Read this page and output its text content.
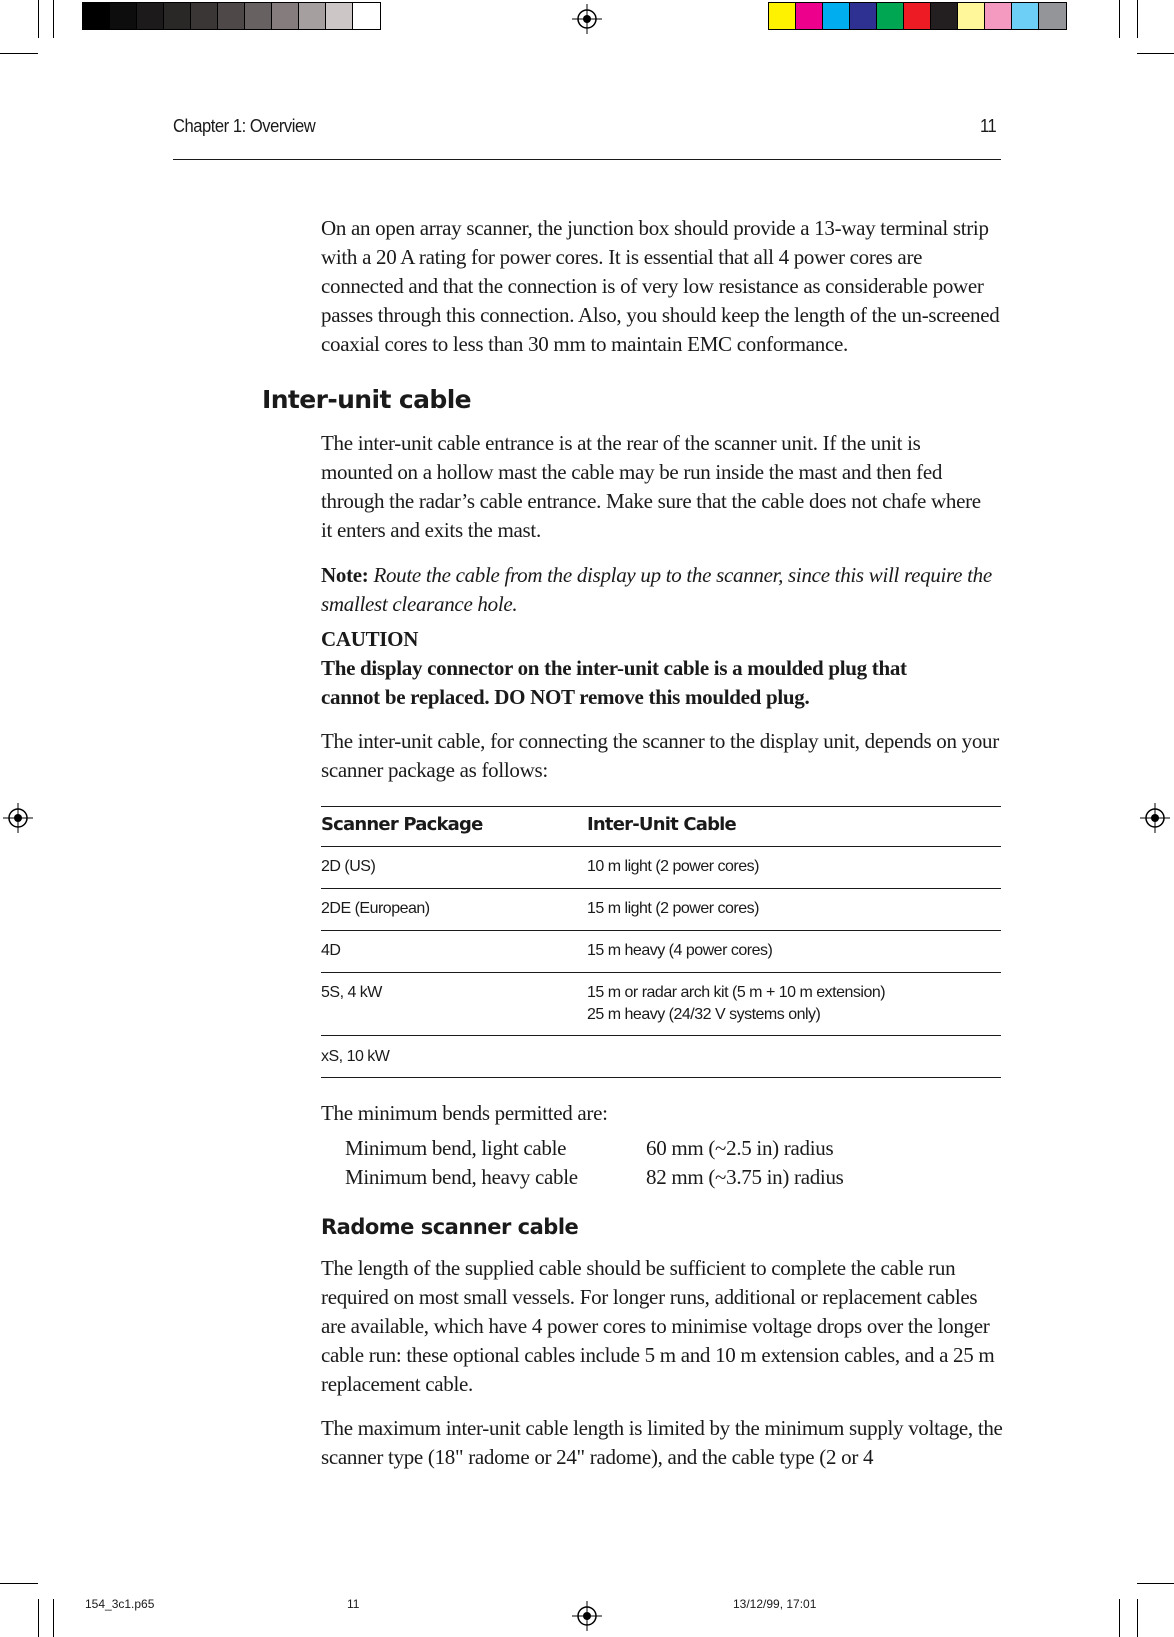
Chapter 1: Overview	11
On an open array scanner, the junction box should provide a 13-way terminal strip with a 20 A rating for power cores. It is essential that all 4 power cores are connected and that the connection is of very low resistance as considerable power passes through this connection. Also, you should keep the length of the un-screened coaxial cores to less than 30 mm to maintain EMC conformance.
Inter-unit cable
The inter-unit cable entrance is at the rear of the scanner unit. If the unit is mounted on a hollow mast the cable may be run inside the mast and then fed through the radar’s cable entrance. Make sure that the cable does not chafe where it enters and exits the mast.
Note: Route the cable from the display up to the scanner, since this will require the smallest clearance hole.
CAUTION
The display connector on the inter-unit cable is a moulded plug that cannot be replaced. DO NOT remove this moulded plug.
The inter-unit cable, for connecting the scanner to the display unit, depends on your scanner package as follows:
Scanner Package	Inter-Unit Cable
2D (US)	10 m light (2 power cores)
2DE (European)	15 m light (2 power cores)
4D	15 m heavy (4 power cores)
5S, 4 kW	15 m or radar arch kit (5 m + 10 m extension)
25 m heavy (24/32 V systems only)
xS, 10 kW
The minimum bends permitted are:
Minimum bend, light cable	60 mm (~2.5 in) radius
Minimum bend, heavy cable	82 mm (~3.75 in) radius
Radome scanner cable
The length of the supplied cable should be sufficient to complete the cable run required on most small vessels. For longer runs, additional or replacement cables are available, which have 4 power cores to minimise voltage drops over the longer cable run: these optional cables include 5 m and 10 m extension cables, and a 25 m replacement cable.
The maximum inter-unit cable length is limited by the minimum supply voltage, the scanner type (18" radome or 24" radome), and the cable type (2 or 4
154_3c1.p65	11	13/12/99, 17:01
